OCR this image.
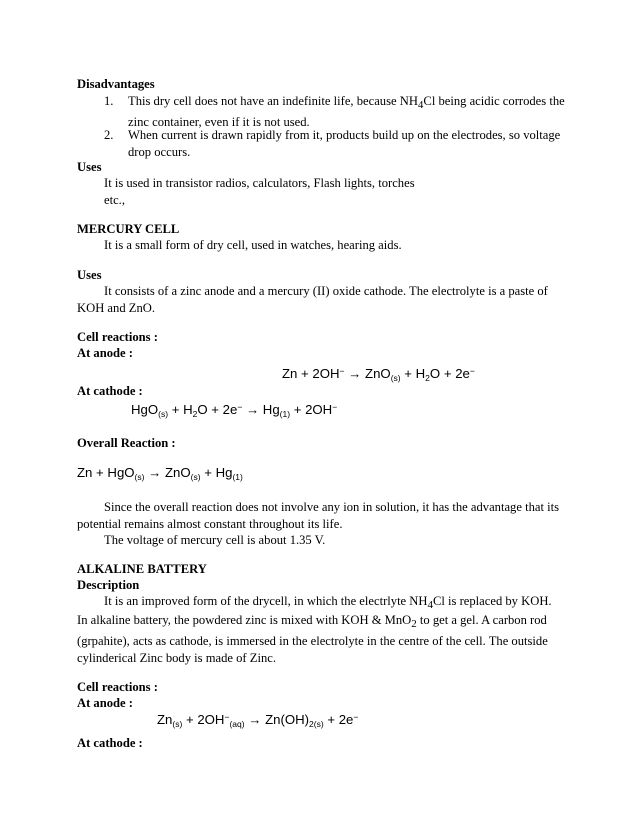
Disadvantages
1. This dry cell does not have an indefinite life, because $NH_4Cl$ being acidic corrodes the
zinc container, even if it is not used.
2. When current is drawn rapidly from it, products build up on the electrodes, so voltage
drop occurs.
Uses
It is used in transistor radios, calculators, Flash lights, torches
etc.,
MERCURY CELL
It is a small form of dry cell, used in watches, hearing aids.
Uses
It consists of a zinc anode and a mercury (II) oxide cathode. The electrolyte is a paste of
KOH and ZnO.
Cell reactions :
At anode :
$Zn + 2OH^- \to ZnO_{(s)} + H_2O + 2e^-$
At cathode :
$HgO_{(s)} + H_2O + 2e^- \to Hg_{(1)} + 2OH^-$
Overall Reaction :
$Zn + HgO_{(s)} \to ZnO_{(s)} + Hg_{(1)}$
Since the overall reaction does not involve any ion in solution, it has the advantage that its
potential remains almost constant throughout its life.
The voltage of mercury cell is about 1.35 V.
ALKALINE BATTERY
Description
It is an improved form of the drycell, in which the electrlyte $NH_4Cl$ is replaced by KOH.
In alkaline battery, the powdered zinc is mixed with KOH & MnO$_2$ to get a gel. A carbon rod
(grpahite), acts as cathode, is immersed in the electrolyte in the centre of the cell. The outside
cylinderical Zinc body is made of Zinc.
Cell reactions :
At anode :
$Zn_{(s)} + 2OH^-_{(aq)} \to Zn(OH)_{2(s)} + 2e^-$
At cathode :
